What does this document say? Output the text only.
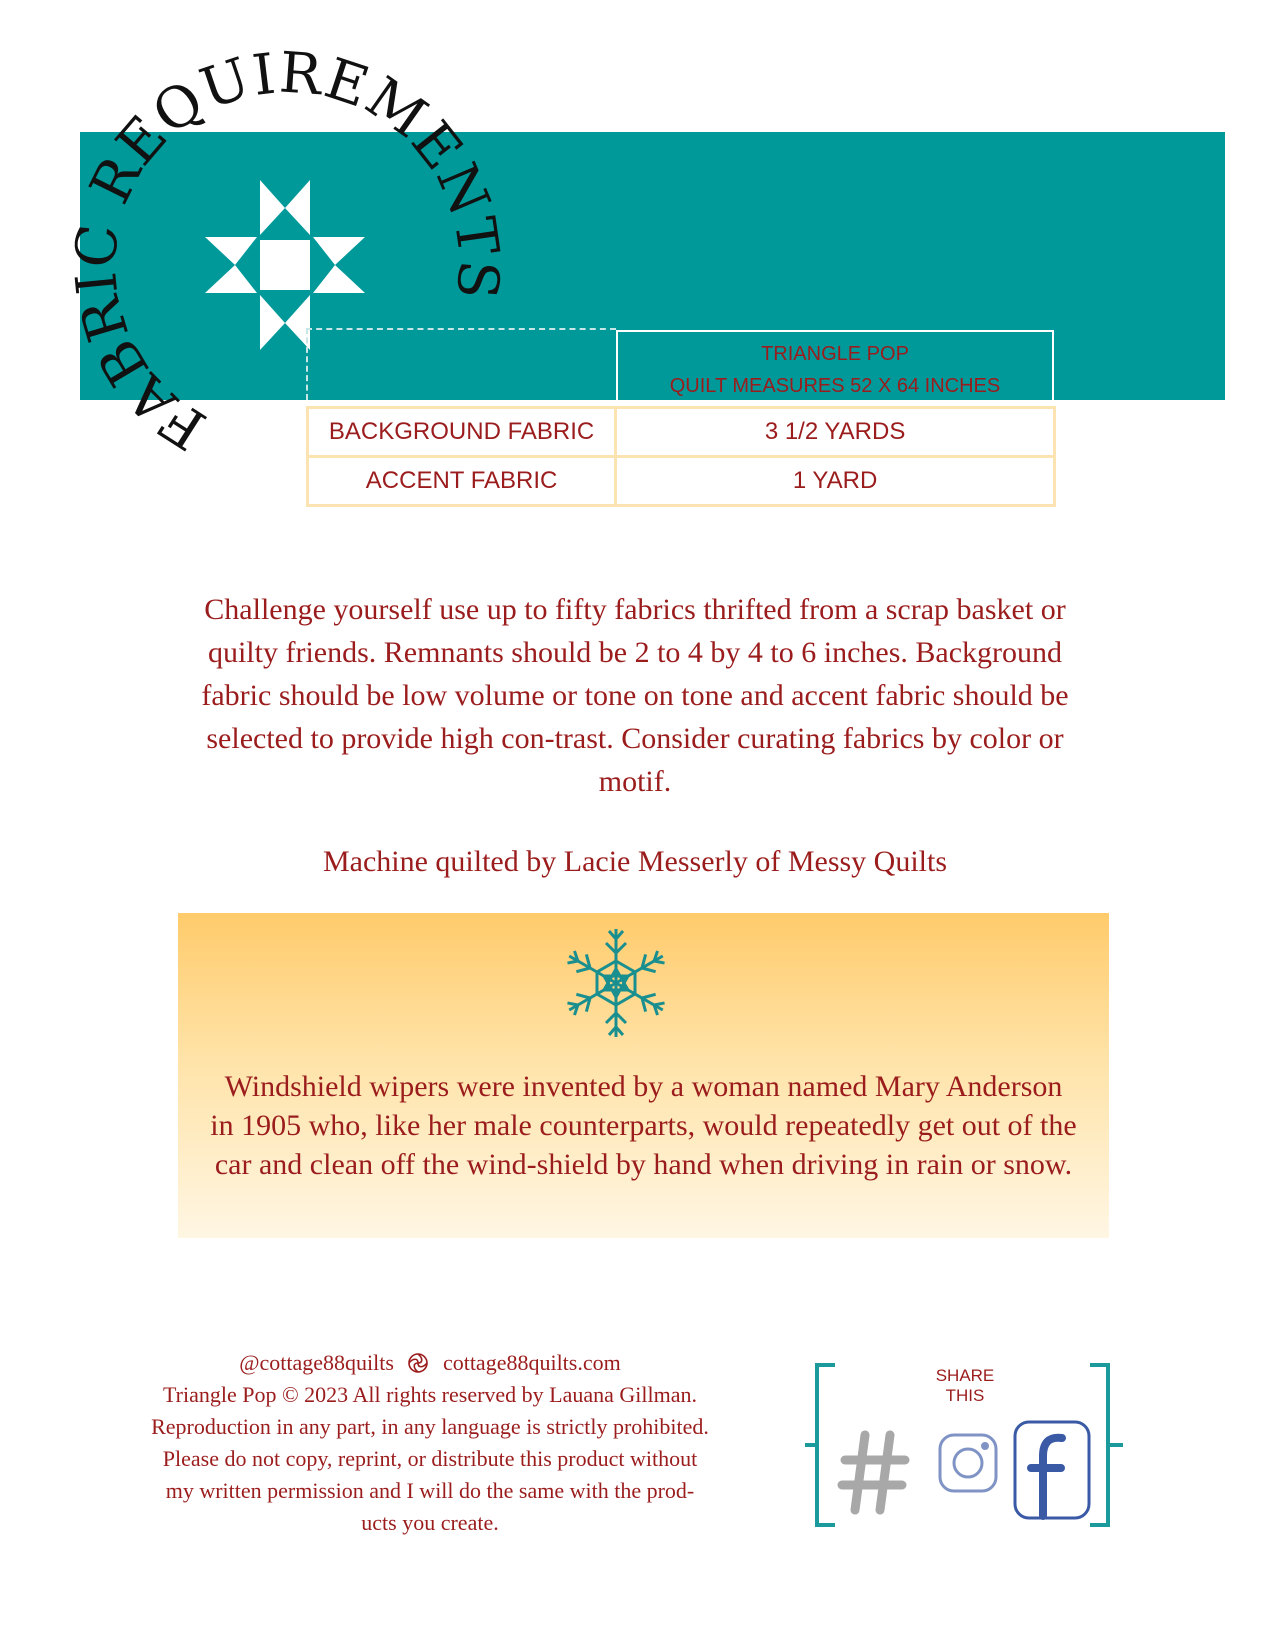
FABRIC REQUIREMENTS
TRIANGLE POP
QUILT MEASURES 52 X 64 INCHES
BACKGROUND FABRIC	3 1/2 YARDS
ACCENT FABRIC	1 YARD
Challenge yourself use up to fifty fabrics thrifted from a scrap basket or quilty friends. Remnants should be 2 to 4 by 4 to 6 inches. Background fabric should be low volume or tone on tone and accent fabric should be selected to provide high con-trast. Consider curating fabrics by color or motif.
Machine quilted by Lacie Messerly of Messy Quilts
Windshield wipers were invented by a woman named Mary Anderson in 1905 who, like her male counterparts, would repeatedly get out of the car and clean off the wind-shield by hand when driving in rain or snow.
@cottage88quilts cottage88quilts.com
Triangle Pop © 2023 All rights reserved by Lauana Gillman.
Reproduction in any part, in any language is strictly prohibited.
Please do not copy, reprint, or distribute this product without
my written permission and I will do the same with the prod-
ucts you create.
SHARE THIS
